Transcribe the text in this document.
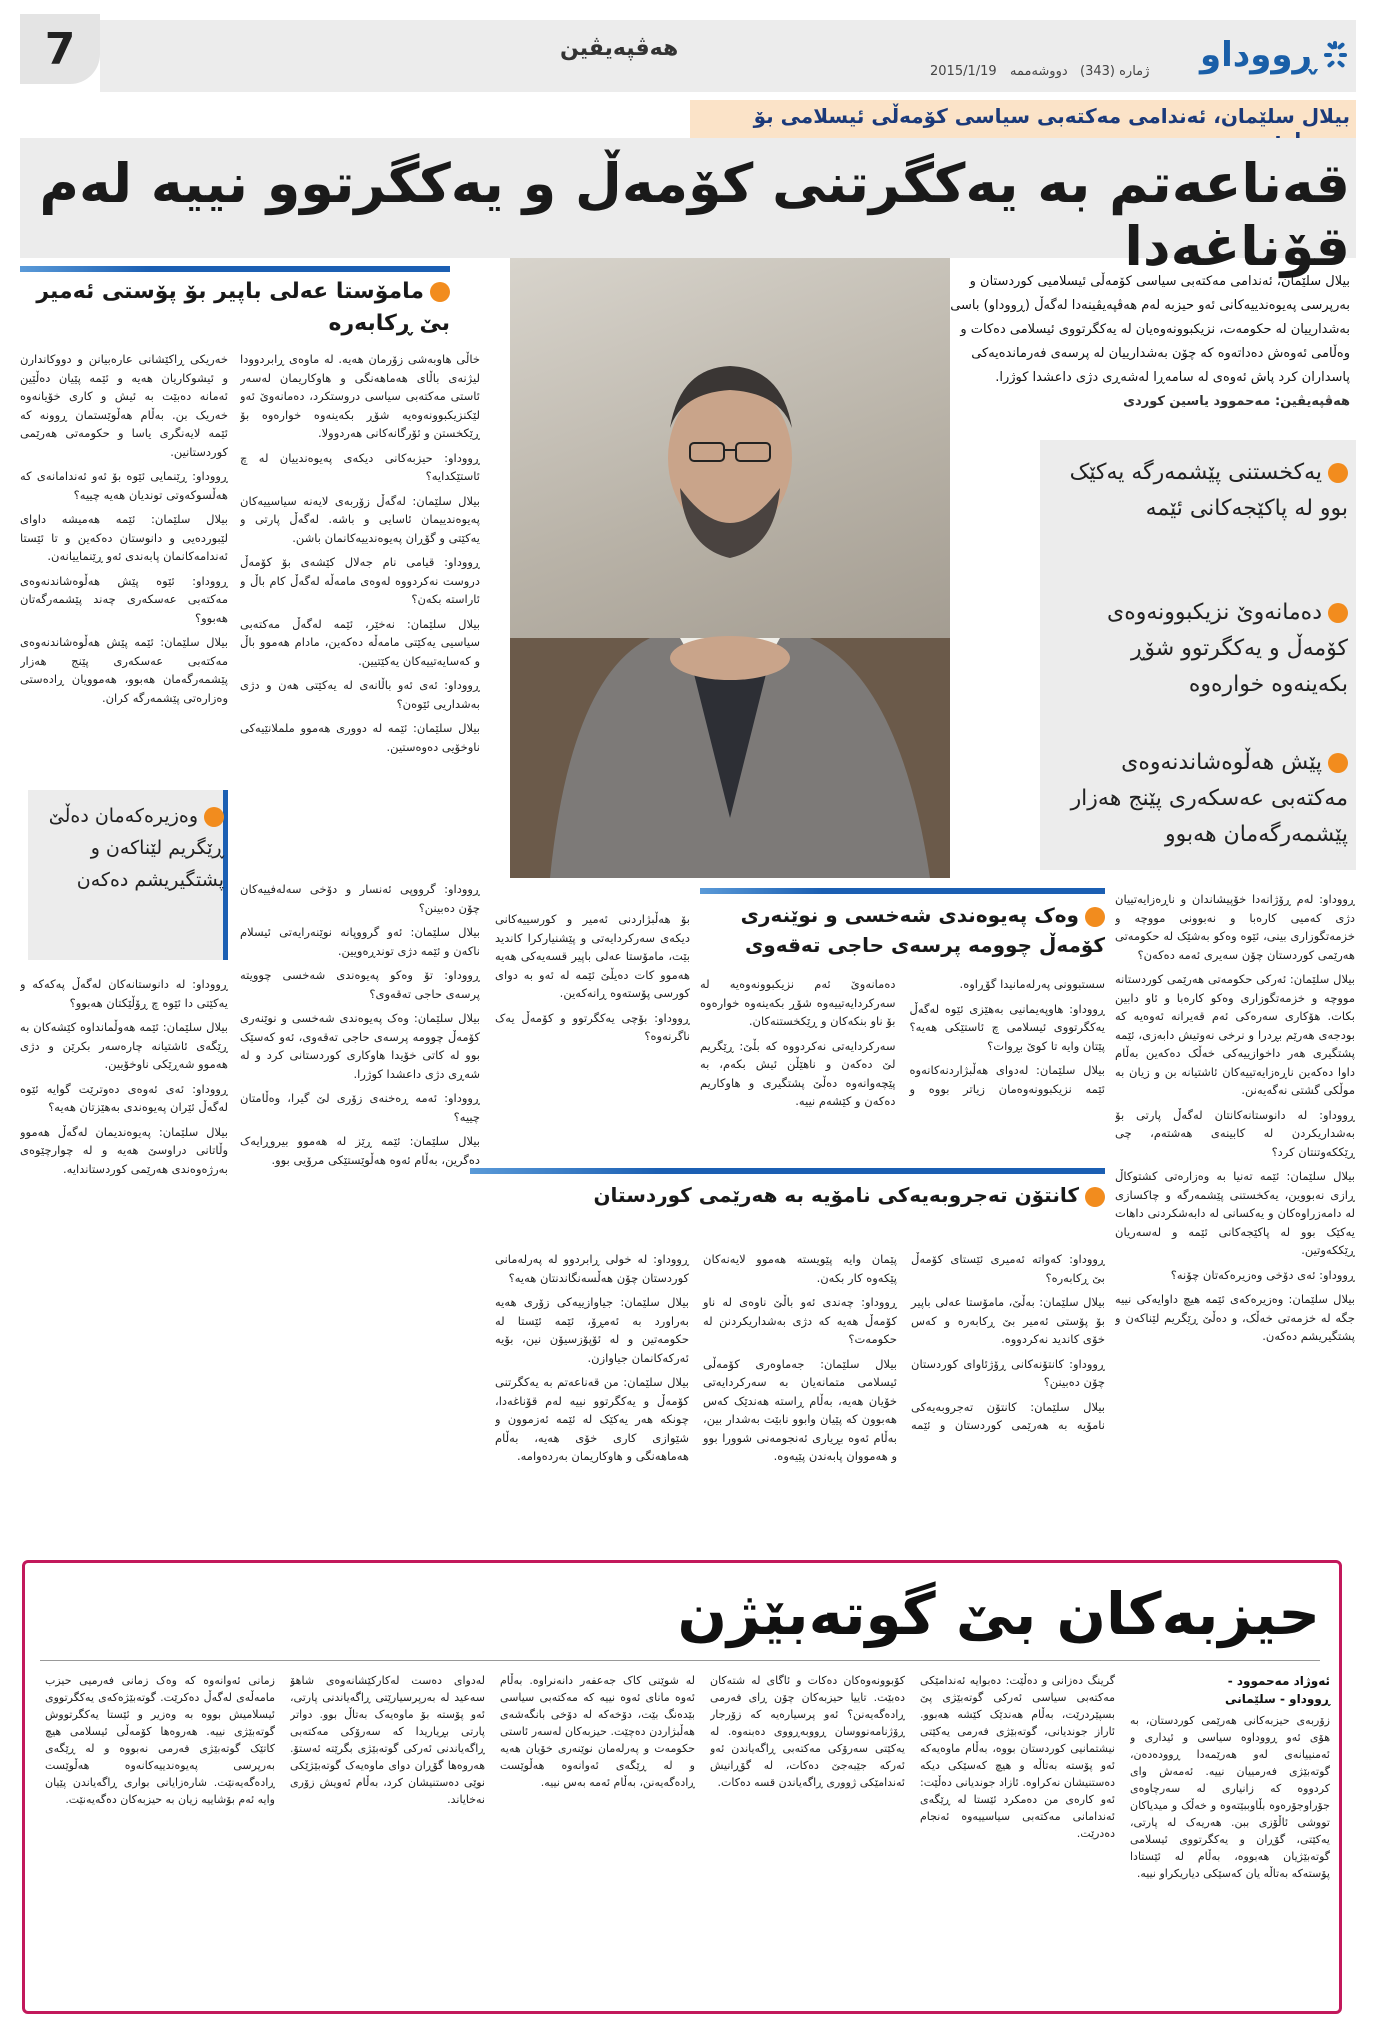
7	هەڤپەیڤین	ڕووداو
ژمارە (343)
دووشەممە
2015/1/19
بیلال سلێمان، ئەندامی مەکتەبی سیاسی کۆمەڵی ئیسلامی بۆ
قەناعەتم بە یەکگرتنی کۆمەڵ و یەکگرتوو نییە لەم قۆناغەدا
بیلال سلێمان، ئەندامی مەکتەبی سیاسی کۆمەڵی ئیسلامیی کوردستان و بەرپرسی پەیوەندییەکانی ئەو حیزبە لەم هەڤپەیڤینەدا لەگەڵ (ڕووداو) باسی بەشداریيان لە حکومەت، نزیکبوونەوەيان لە یەکگرتووی ئیسلامی دەکات و وەڵامی ئەوەش دەداتەوە کە چۆن بەشداریيان لە پرسەی فەرماندەیەکی پاسداران کرد پاش ئەوەی لە سامەڕا لەشەڕی دژی داعشدا کوژرا.
هەڤپەیڤین: مەحموود یاسین کوردی
یەکخستنی پێشمەرگە یەکێک بوو لە پاکێجەکانی ئێمە
دەمانەوێ نزیکبوونەوەی کۆمەڵ و یەکگرتوو شۆڕ بکەینەوە خوارەوە
پێش هەڵوەشاندنەوەی مەکتەبی عەسکەری پێنج هەزار پێشمەرگەمان هەبوو
مامۆستا عەلی باپیر بۆ پۆستی ئەمیر بێ ڕکابەرە

خەریکی ڕاکێشانی عارەبیانن و دووکاندارن و ئیشوکاریان هەیە و ئێمە پێیان دەڵێین ئەمانە دەبێت بە ئیش و کاری خۆیانەوە خەریک بن. بەڵام هەڵوێستمان ڕوونە کە ئێمە لایەنگری یاسا و حکومەتی هەرێمی کوردستانین.

ڕووداو: ڕێنمایی ئێوە بۆ ئەو ئەندامانەی کە هەڵسوکەوتی توندیان هەیە چییە؟

بیلال سلێمان: ئێمە هەمیشە داوای لێبوردەیی و دانوستان دەکەین و تا ئێستا ئەندامەکانمان پابەندی ئەو ڕێنماییانەن.

ڕووداو: ئێوە پێش هەڵوەشاندنەوەی مەکتەبی عەسکەری چەند پێشمەرگەتان هەبوو؟

بیلال سلێمان: ئێمە پێش هەڵوەشاندنەوەی مەکتەبی عەسکەری پێنج هەزار پێشمەرگەمان هەبوو، هەموویان ڕادەستی وەزارەتی پێشمەرگە کران.

خاڵی هاوبەشی زۆرمان هەیە. لە ماوەی ڕابردوودا لیژنەی باڵای هەماهەنگی و هاوکاریمان لەسەر ئاستی مەکتەبی سیاسی دروستکرد، دەمانەوێ ئەو لێکنزیکبوونەوەیە شۆڕ بکەینەوە خوارەوە بۆ ڕێکخستن و ئۆرگانەکانی هەردوولا.

ڕووداو: حیزبەکانی دیکەی پەیوەندییان لە چ ئاستێکدایە؟

بیلال سلێمان: لەگەڵ زۆربەی لایەنە سیاسییەکان پەیوەندییمان ئاسایی و باشە. لەگەڵ پارتی و یەکێتی و گۆڕان پەیوەندییەکانمان باشن.

ڕووداو: قیامی نام جەلال کێشەی بۆ کۆمەڵ دروست نەکردووە لەوەی مامەڵە لەگەڵ کام باڵ و ئاراستە بکەن؟

بیلال سلێمان: نەخێر، ئێمە لەگەڵ مەکتەبی سیاسیی یەکێتی مامەڵە دەکەین، مادام هەموو باڵ و کەسایەتییەکان یەکێتیین.

ڕووداو: ئەی ئەو باڵانەی لە یەکێتی هەن و دژی بەشداریی ئێوەن؟

بیلال سلێمان: ئێمە لە دووری هەموو ململانێیەکی ناوخۆیی دەوەستین.

وەزیرەکەمان دەڵێ ڕێگریم لێناکەن و پشتگیریشم دەکەن

ڕووداو: لە دانوستانەکان لەگەڵ پەکەکە و یەکێتی دا ئێوە چ ڕۆڵێکتان هەبوو؟

بیلال سلێمان: ئێمە هەوڵمانداوە کێشەکان بە ڕێگەی ئاشتیانە چارەسەر بکرێن و دژی هەموو شەڕێکی ناوخۆیین.

ڕووداو: ئەی ئەوەی دەوترێت گوایە ئێوە لەگەڵ ئێران پەیوەندی بەهێزتان هەیە؟

بیلال سلێمان: پەیوەندیمان لەگەڵ هەموو وڵاتانی دراوسێ هەیە و لە چوارچێوەی بەرژەوەندی هەرێمی کوردستاندایە.

ڕووداو: گرووپی ئەنسار و دۆخی سەلەفییەکان چۆن دەبینن؟

بیلال سلێمان: ئەو گرووپانە نوێنەرایەتی ئیسلام ناکەن و ئێمە دژی توندڕەویین.

ڕووداو: تۆ وەکو پەیوەندی شەخسی چوویتە پرسەی حاجی تەقەوی؟

بیلال سلێمان: وەک پەیوەندی شەخسی و نوێنەری کۆمەڵ چوومە پرسەی حاجی تەقەوی، ئەو کەسێک بوو لە کاتی خۆیدا هاوکاری کوردستانی کرد و لە شەڕی دژی داعشدا کوژرا.

ڕووداو: ئەمە ڕەخنەی زۆری لێ گیرا، وەڵامتان چییە؟

بیلال سلێمان: ئێمە ڕێز لە هەموو بیروڕایەک دەگرین، بەڵام ئەوە هەڵوێستێکی مرۆیی بوو.

وەک پەیوەندی شەخسی و نوێنەری کۆمەڵ چوومە پرسەی حاجی تەقەوی

بۆ هەڵبژاردنی ئەمیر و کورسییەکانی دیکەی سەرکردایەتی و پێشنیارکرا کاندید بێت، مامۆستا عەلی باپیر قسەیەکی هەیە هەموو کات دەیڵێ ئێمە لە ئەو بە دوای کورسی پۆستەوە ڕانەکەین.

ڕووداو: بۆچی یەکگرتوو و کۆمەڵ یەک ناگرنەوە؟

سستبوونی پەرلەمانیدا گۆڕاوە.

ڕووداو: هاوپەیمانیی بەهێزی ئێوە لەگەڵ یەکگرتووی ئیسلامی چ ئاستێکی هەیە؟ پێتان وایە تا کوێ بڕوات؟

بیلال سلێمان: لەدوای هەڵبژاردنەکانەوە ئێمە نزیکبوونەوەمان زیاتر بووە و دەمانەوێ ئەم نزیکبوونەوەیە لە سەرکردایەتییەوە شۆڕ بکەینەوە خوارەوە بۆ ناو بنکەکان و ڕێکخستنەکان.

سەرکردایەتی نەکردووە کە بڵێ: ڕێگریم لێ دەکەن و ناهێڵن ئیش بکەم، بە پێچەوانەوە دەڵێ پشتگیری و هاوکاریم دەکەن و کێشەم نییە.

کانتۆن تەجروبەیەکی نامۆیە بە هەرێمی کوردستان

ڕووداو: کەواتە ئەمیری ئێستای کۆمەڵ بێ ڕکابەرە؟

بیلال سلێمان: بەڵێ، مامۆستا عەلی باپیر بۆ پۆستی ئەمیر بێ ڕکابەرە و کەس خۆی کاندید نەکردووە.

ڕووداو: کانتۆنەکانی ڕۆژئاوای کوردستان چۆن دەبینن؟

بیلال سلێمان: کانتۆن تەجروبەیەکی نامۆیە بە هەرێمی کوردستان و ئێمە پێمان وایە پێویستە هەموو لایەنەکان پێکەوە کار بکەن.

ڕووداو: چەندی ئەو باڵێ ناوەی لە ناو کۆمەڵ هەیە کە دژی بەشداریکردنن لە حکومەت؟

بیلال سلێمان: جەماوەری کۆمەڵی ئیسلامی متمانەیان بە سەرکردایەتی خۆیان هەیە، بەڵام ڕاستە هەندێک کەس هەبوون کە پێیان وابوو نابێت بەشدار بین، بەڵام ئەوە بڕیاری ئەنجومەنی شوورا بوو و هەمووان پابەندن پێیەوە.

ڕووداو: لە خولی ڕابردوو لە پەرلەمانی کوردستان چۆن هەڵسەنگاندنتان هەیە؟

بیلال سلێمان: جیاوازییەکی زۆری هەیە بەراورد بە ئەمڕۆ، ئێمە ئێستا لە حکومەتین و لە ئۆپۆزسیۆن نین، بۆیە ئەرکەکانمان جیاوازن.

بیلال سلێمان: من قەناعەتم بە یەکگرتنی کۆمەڵ و یەکگرتوو نییە لەم قۆناغەدا، چونکە هەر یەکێک لە ئێمە ئەزموون و شێوازی کاری خۆی هەیە، بەڵام هەماهەنگی و هاوکاریمان بەردەوامە.

ڕووداو: لەم ڕۆژانەدا خۆپیشاندان و ناڕەزایەتییان دژی کەمیی کارەبا و نەبوونی مووچە و خزمەتگوزاری بینی، ئێوە وەکو بەشێک لە حکومەتی هەرێمی کوردستان چۆن سەیری ئەمە دەکەن؟

بیلال سلێمان: ئەرکی حکومەتی هەرێمی کوردستانە مووچە و خزمەتگوزاری وەکو کارەبا و ئاو دابین بکات. هۆکاری سەرەکی ئەم قەیرانە ئەوەیە کە بودجەی هەرێم بڕدرا و نرخی نەوتیش دابەزی، ئێمە پشتگیری هەر داخوازییەکی خەڵک دەکەین بەڵام داوا دەکەین ناڕەزایەتییەکان ئاشتیانە بن و زیان بە موڵکی گشتی نەگەیەنن.

ڕووداو: لە دانوستانەکانتان لەگەڵ پارتی بۆ بەشداریکردن لە کابینەی هەشتەم، چی ڕێککەوتنتان کرد؟

بیلال سلێمان: ئێمە تەنیا بە وەزارەتی کشتوکاڵ ڕازی نەبووین، یەکخستنی پێشمەرگە و چاکسازی لە دامەزراوەکان و یەکسانی لە دابەشکردنی داهات یەکێک بوو لە پاکێجەکانی ئێمە و لەسەریان ڕێککەوتین.

ڕووداو: ئەی دۆخی وەزیرەکەتان چۆنە؟

بیلال سلێمان: وەزیرەکەی ئێمە هیچ داوایەکی نییە جگە لە خزمەتی خەڵک، و دەڵێ ڕێگریم لێناکەن و پشتگیریشم دەکەن.

حیزبەکان بێ گوتەبێژن
ئەوژاد مەحموود - ڕووداو - سلێمانی
زۆربەی حیزبەکانی هەرێمی کوردستان، بە هۆی ئەو ڕووداوە سیاسی و ئیداری و ئەمنییانەی لەو هەرێمەدا ڕوودەدەن، گوتەبێژی فەرمییان نییە. ئەمەش وای کردووە کە زانیاری لە سەرچاوەی جۆراوجۆرەوە بڵاوببێتەوە و خەڵک و میدیاکان تووشی ئاڵۆزی ببن. هەریەک لە پارتی، یەکێتی، گۆڕان و یەکگرتووی ئیسلامی گوتەبێژیان هەبووە، بەڵام لە ئێستادا پۆستەکە بەتاڵە یان کەسێکی دیاریکراو نییە.
گرینگ دەزانی و دەڵێت: دەبوایە ئەندامێکی مەکتەبی سیاسی ئەرکی گوتەبێژی پێ بسپێردرێت، بەڵام هەندێک کێشە هەبوو. ئاراز جوندیانی، گوتەبێژی فەرمی یەکێتی نیشتمانیی کوردستان بووە، بەڵام ماوەیەکە ئەو پۆستە بەتاڵە و هیچ کەسێکی دیکە دەستنیشان نەکراوە. ئازاد جوندیانی دەڵێت: ئەو کارەی من دەمکرد ئێستا لە ڕێگەی ئەندامانی مەکتەبی سیاسییەوە ئەنجام دەدرێت.
کۆبوونەوەکان دەکات و ئاگای لە شتەکان دەبێت. تاییا حیزبەکان چۆن ڕای فەرمی ڕادەگەیەنن؟ ئەو پرسیارەیە کە زۆرجار ڕۆژنامەنووسان ڕووبەڕووی دەبنەوە. لە یەکێتی سەرۆکی مەکتەبی ڕاگەیاندن ئەو ئەرکە جێبەجێ دەکات، لە گۆڕانیش ئەندامێکی ژووری ڕاگەیاندن قسە دەکات.
لە شوێنی کاک جەعفەر دانەنراوە. بەڵام ئەوە ماناى ئەوە نییە کە مەکتەبی سیاسی بێدەنگ بێت، دۆخەکە لە دۆخی بانگەشەی هەڵبژاردن دەچێت. حیزبەکان لەسەر ئاستی حکومەت و پەرلەمان نوێنەری خۆیان هەیە و لە ڕێگەی ئەوانەوە هەڵوێست ڕادەگەیەنن، بەڵام ئەمە بەس نییە.
لەدوای دەست لەکارکێشانەوەی شاهۆ سەعید لە بەرپرسیارێتی ڕاگەیاندنی پارتی، ئەو پۆستە بۆ ماوەیەک بەتاڵ بوو. دواتر پارتی بڕیاریدا کە سەرۆکی مەکتەبی ڕاگەیاندنی ئەرکی گوتەبێژی بگرێتە ئەستۆ. هەروەها گۆڕان دوای ماوەیەک گوتەبێژێکی نوێی دەستنیشان کرد، بەڵام ئەویش زۆری نەخایاند.
زمانی ئەوانەوە کە وەک زمانی فەرمیی حیزب مامەڵەی لەگەڵ دەکرێت. گوتەبێژەکەی یەکگرتووی ئیسلامیش بووە بە وەزیر و ئێستا یەکگرتووش گوتەبێژی نییە. هەروەها کۆمەڵی ئیسلامی هیچ کاتێک گوتەبێژی فەرمی نەبووە و لە ڕێگەی بەرپرسی پەیوەندییەکانەوە هەڵوێست ڕادەگەیەنێت. شارەزایانی بواری ڕاگەیاندن پێیان وایە ئەم بۆشاییە زیان بە حیزبەکان دەگەیەنێت.
